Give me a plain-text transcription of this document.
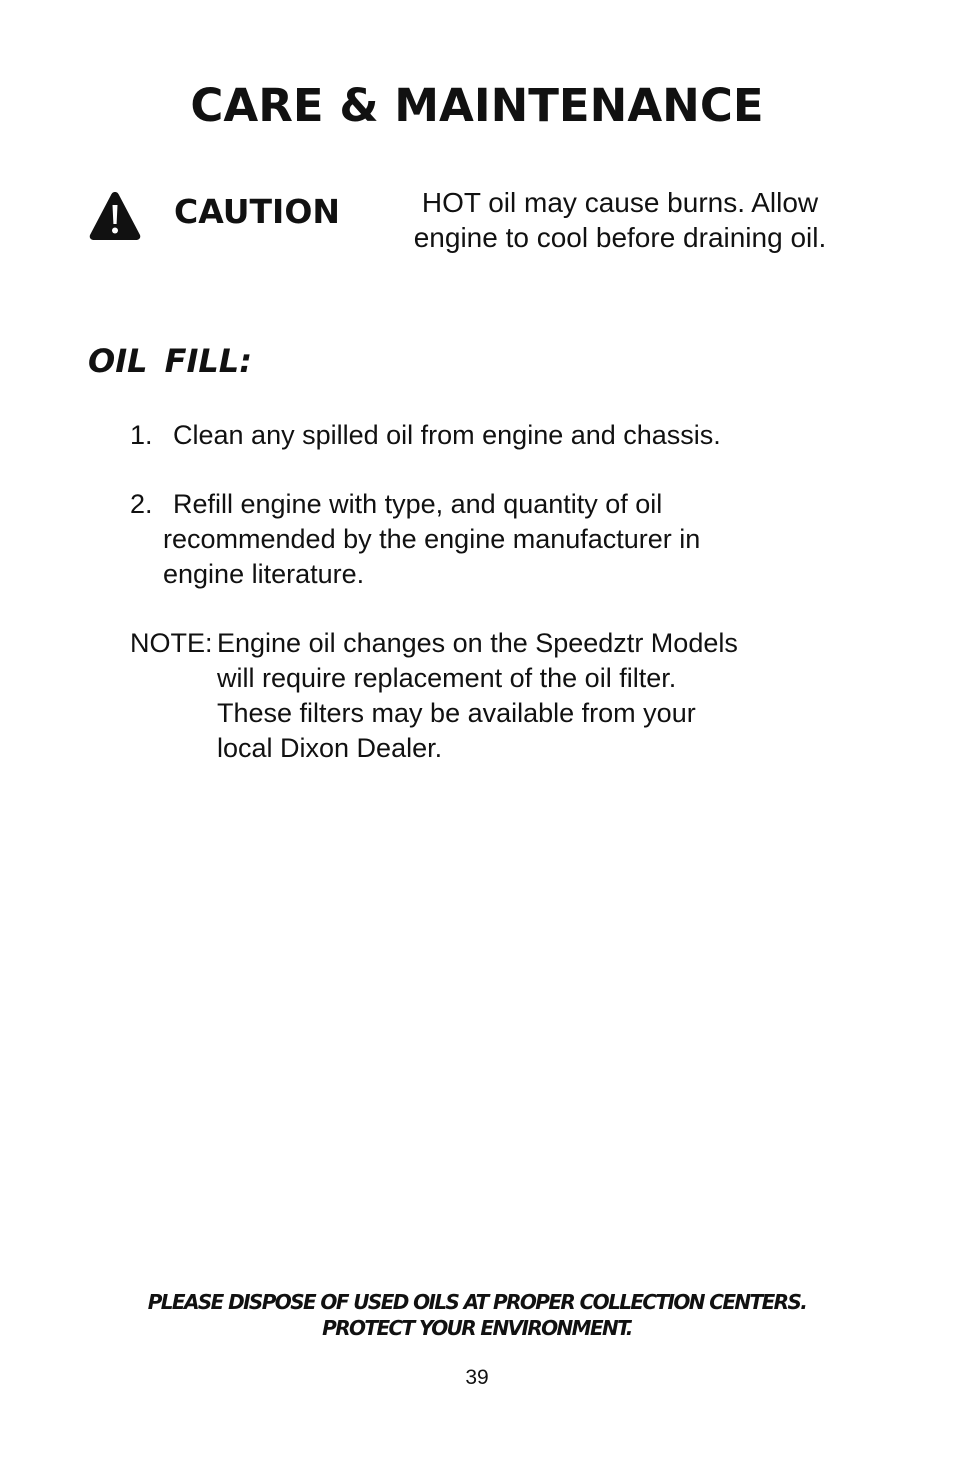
CARE & MAINTENANCE
CAUTION	HOT oil may cause burns. Allow
engine to cool before draining oil.
OIL FILL:
1. Clean any spilled oil from engine and chassis.
2. Refill engine with type, and quantity of oil
recommended by the engine manufacturer in
engine literature.
NOTE: Engine oil changes on the Speedztr Models
will require replacement of the oil filter.
These filters may be available from your
local Dixon Dealer.
PLEASE DISPOSE OF USED OILS AT PROPER COLLECTION CENTERS.
PROTECT YOUR ENVIRONMENT.
39
